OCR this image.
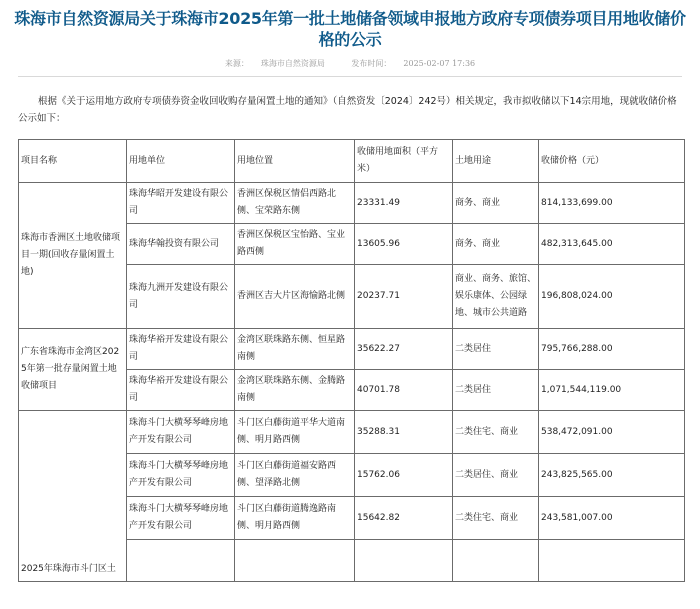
珠海市自然资源局关于珠海市2025年第一批土地储备领域申报地方政府专项债券项目用地收储价格的公示
来源： 珠海市自然资源局	发布时间： 2025-02-07 17:36

根据《关于运用地方政府专项债券资金收回收购存量闲置土地的通知》（自然资发〔2024〕242号）相关规定，我市拟收储以下14宗用地，现就收储价格公示如下：

项目名称	用地单位	用地位置	收储用地面积（平方米）	土地用途	收储价格（元）
珠海市香洲区土地收储项目一期(回收存量闲置土地)	珠海华昭开发建设有限公司	香洲区保税区情侣西路北侧、宝荣路东侧	23331.49	商务、商业	814,133,699.00
	珠海华翰投资有限公司	香洲区保税区宝怡路、宝业路西侧	13605.96	商务、商业	482,313,645.00
	珠海九洲开发建设有限公司	香洲区吉大片区海愉路北侧	20237.71	商业、商务、旅馆、娱乐康体、公园绿地、城市公共道路	196,808,024.00
广东省珠海市金湾区2025年第一批存量闲置土地收储项目	珠海华裕开发建设有限公司	金湾区联珠路东侧、恒星路南侧	35622.27	二类居住	795,766,288.00
	珠海华裕开发建设有限公司	金湾区联珠路东侧、金腾路南侧	40701.78	二类居住	1,071,544,119.00
2025年珠海市斗门区土	珠海斗门大横琴琴峰房地产开发有限公司	斗门区白藤街道平华大道南侧、明月路西侧	35288.31	二类住宅、商业	538,472,091.00
	珠海斗门大横琴琴峰房地产开发有限公司	斗门区白藤街道福安路西侧、望泽路北侧	15762.06	二类居住、商业	243,825,565.00
	珠海斗门大横琴琴峰房地产开发有限公司	斗门区白藤街道腾逸路南侧、明月路西侧	15642.82	二类住宅、商业	243,581,007.00
